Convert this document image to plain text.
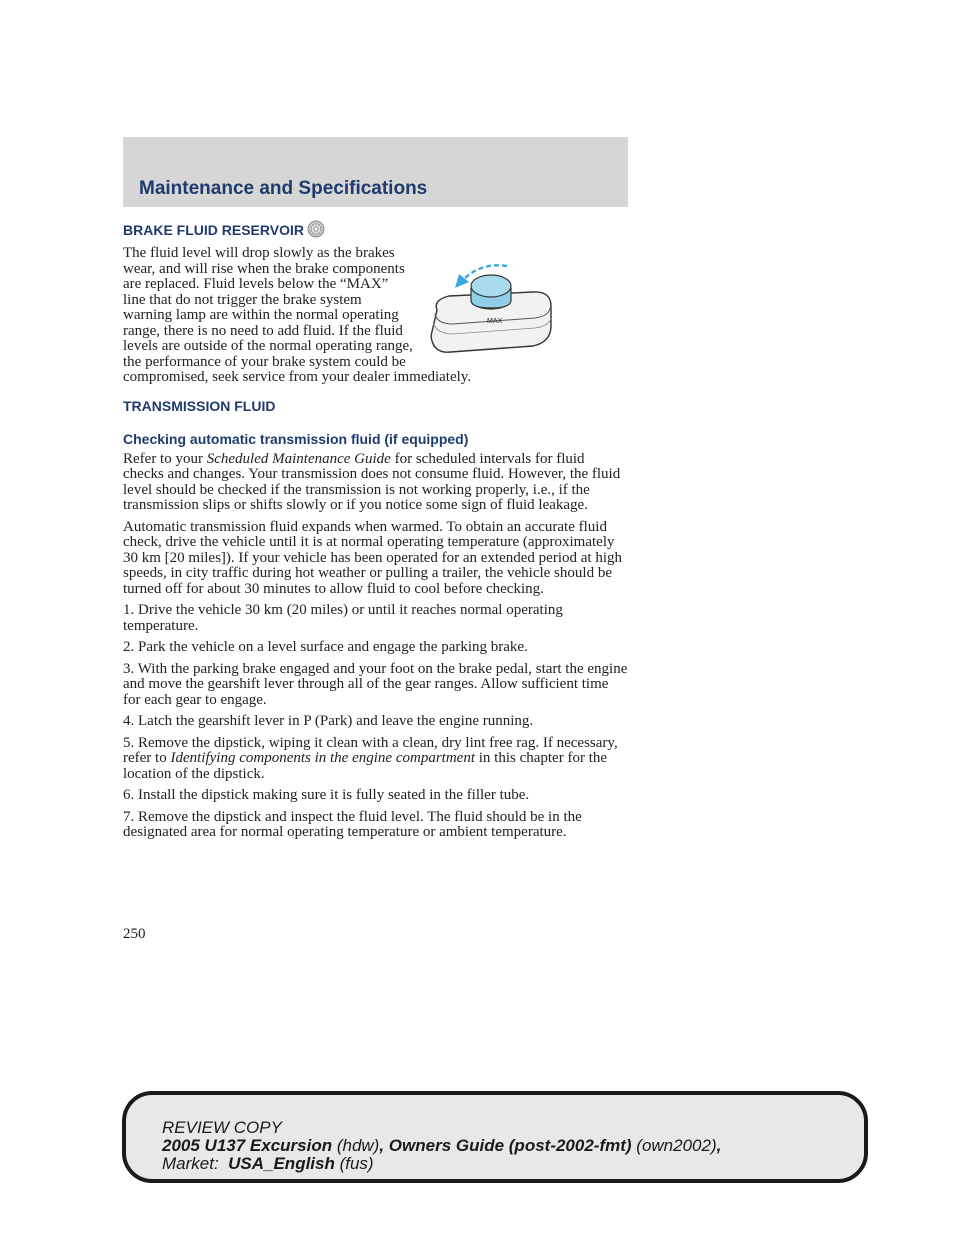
Maintenance and Specifications
BRAKE FLUID RESERVOIR
MAX

The fluid level will drop slowly as the brakes wear, and will rise when the brake components are replaced. Fluid levels below the “MAX” line that do not trigger the brake system warning lamp are within the normal operating range, there is no need to add fluid. If the fluid levels are outside of the normal operating range, the performance of your brake system could be compromised, seek service from your dealer immediately.

TRANSMISSION FLUID
Checking automatic transmission fluid (if equipped)

Refer to your Scheduled Maintenance Guide for scheduled intervals for fluid checks and changes. Your transmission does not consume fluid. However, the fluid level should be checked if the transmission is not working properly, i.e., if the transmission slips or shifts slowly or if you notice some sign of fluid leakage.

Automatic transmission fluid expands when warmed. To obtain an accurate fluid check, drive the vehicle until it is at normal operating temperature (approximately 30 km [20 miles]). If your vehicle has been operated for an extended period at high speeds, in city traffic during hot weather or pulling a trailer, the vehicle should be turned off for about 30 minutes to allow fluid to cool before checking.

1. Drive the vehicle 30 km (20 miles) or until it reaches normal operating temperature.

2. Park the vehicle on a level surface and engage the parking brake.

3. With the parking brake engaged and your foot on the brake pedal, start the engine and move the gearshift lever through all of the gear ranges. Allow sufficient time for each gear to engage.

4. Latch the gearshift lever in P (Park) and leave the engine running.

5. Remove the dipstick, wiping it clean with a clean, dry lint free rag. If necessary, refer to Identifying components in the engine compartment in this chapter for the location of the dipstick.

6. Install the dipstick making sure it is fully seated in the filler tube.

7. Remove the dipstick and inspect the fluid level. The fluid should be in the designated area for normal operating temperature or ambient temperature.

250
REVIEW COPY
2005 U137 Excursion (hdw), Owners Guide (post-2002-fmt) (own2002),
Market:  USA_English (fus)
